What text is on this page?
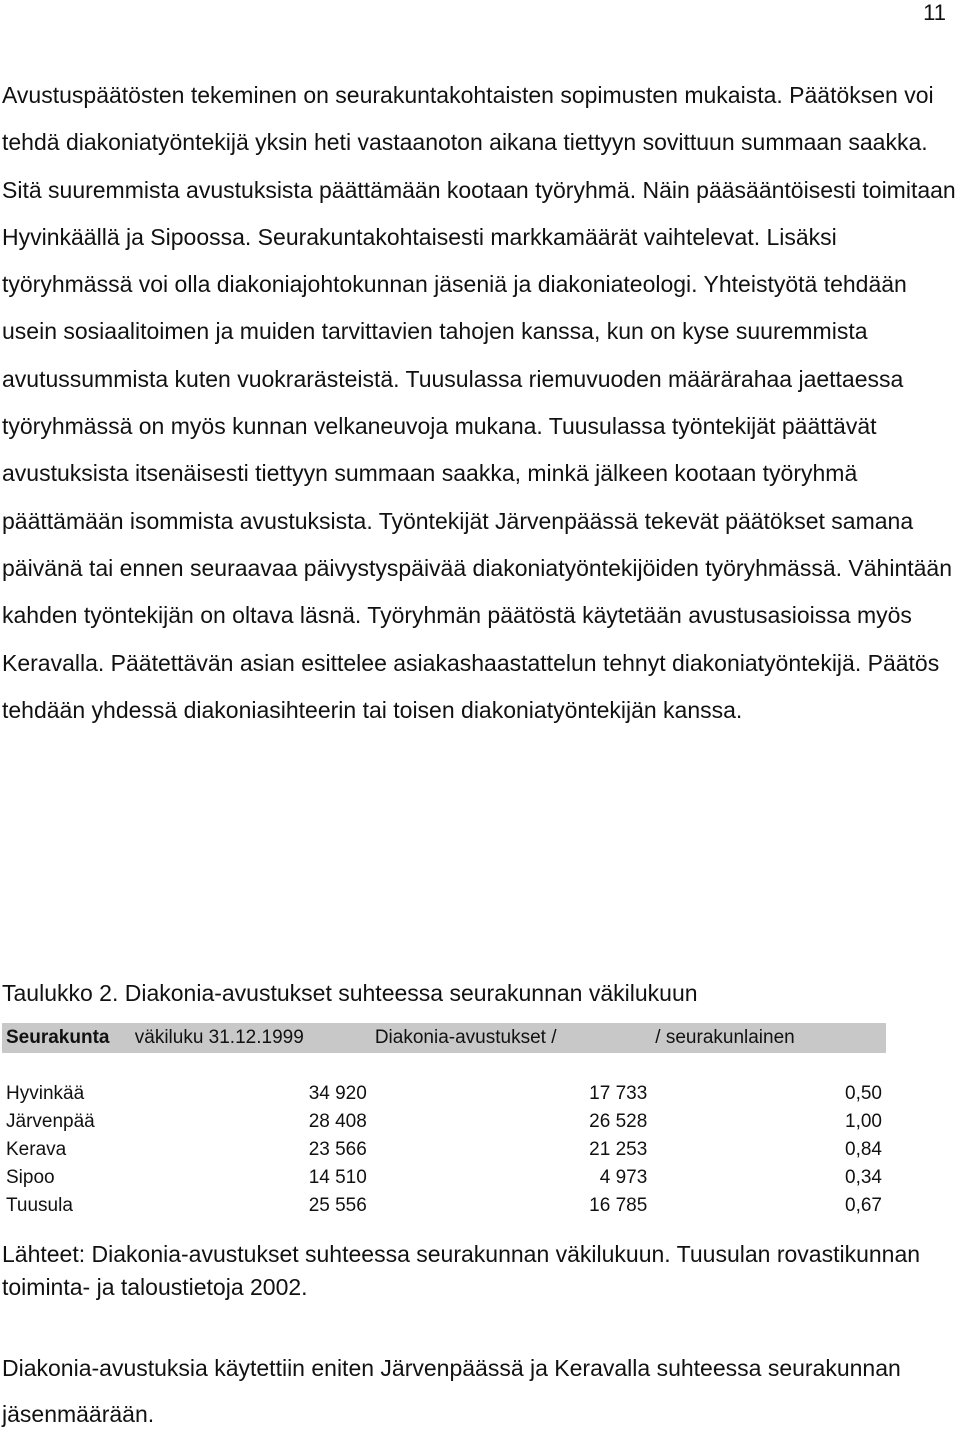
11

Avustuspäätösten tekeminen on seurakuntakohtaisten sopimusten mukaista. Päätöksen voi tehdä diakoniatyöntekijä yksin heti vastaanoton aikana tiettyyn sovittuun summaan saakka. Sitä suuremmista avustuksista päättämään kootaan työryhmä. Näin pääsääntöisesti toimitaan Hyvinkäällä ja Sipoossa. Seurakuntakohtaisesti markkamäärät vaihtelevat. Lisäksi työryhmässä voi olla diakoniajohtokunnan jäseniä ja diakoniateologi. Yhteistyötä tehdään usein sosiaalitoimen ja muiden tarvittavien tahojen kanssa, kun on kyse suuremmista avutussummista kuten vuokrarästeistä. Tuusulassa riemuvuoden määrärahaa jaettaessa työryhmässä on myös kunnan velkaneuvoja mukana. Tuusulassa työntekijät päättävät avustuksista itsenäisesti tiettyyn summaan saakka, minkä jälkeen kootaan työryhmä päättämään isommista avustuksista. Työntekijät Järvenpäässä tekevät päätökset samana päivänä tai ennen seuraavaa päivystyspäivää diakoniatyöntekijöiden työryhmässä. Vähintään kahden työntekijän on oltava läsnä. Työryhmän päätöstä käytetään avustusasioissa myös Keravalla. Päätettävän asian esittelee asiakashaastattelun tehnyt diakoniatyöntekijä. Päätös tehdään yhdessä diakoniasihteerin tai toisen diakoniatyöntekijän kanssa.

Taulukko 2. Diakonia-avustukset suhteessa seurakunnan väkilukuun

Seurakunta	väkiluku 31.12.1999	Diakonia-avustukset /	/ seurakunlainen

Hyvinkää	34 920	17 733	0,50
Järvenpää	28 408	26 528	1,00
Kerava	23 566	21 253	0,84
Sipoo	14 510	4 973	0,34
Tuusula	25 556	16 785	0,67

Lähteet: Diakonia-avustukset suhteessa seurakunnan väkilukuun. Tuusulan rovastikunnan toiminta- ja taloustietoja 2002.

Diakonia-avustuksia käytettiin eniten Järvenpäässä ja Keravalla suhteessa seurakunnan jäsenmäärään.
